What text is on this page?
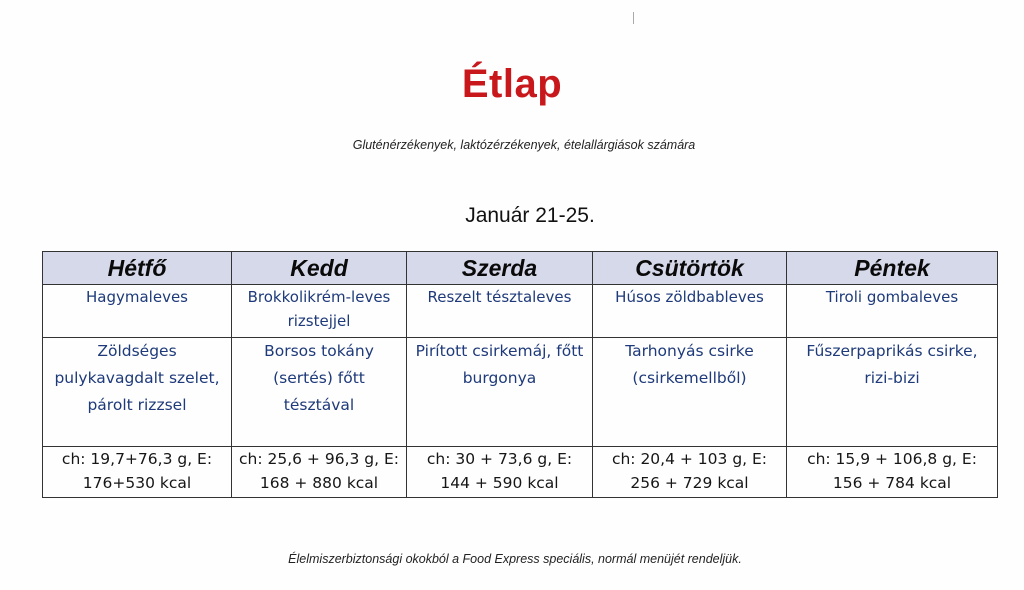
Étlap
Gluténérzékenyek, laktózérzékenyek, ételallárgiások számára
Január 21-25.
Hétfő	Kedd	Szerda	Csütörtök	Péntek
Hagymaleves	Brokkolikrém-leves rizstejjel	Reszelt tésztaleves	Húsos zöldbableves	Tiroli gombaleves
Zöldséges pulykavagdalt szelet, párolt rizzsel	Borsos tokány (sertés) főtt tésztával	Pirított csirkemáj, főtt burgonya	Tarhonyás csirke (csirkemellből)	Fűszerpaprikás csirke, rizi-bizi
ch: 19,7+76,3 g, E: 176+530 kcal	ch: 25,6 + 96,3 g, E: 168 + 880 kcal	ch: 30 + 73,6 g, E: 144 + 590 kcal	ch: 20,4 + 103 g, E: 256 + 729 kcal	ch: 15,9 + 106,8 g, E: 156 + 784 kcal
Élelmiszerbiztonsági okokból a Food Express speciális, normál menüjét rendeljük.
